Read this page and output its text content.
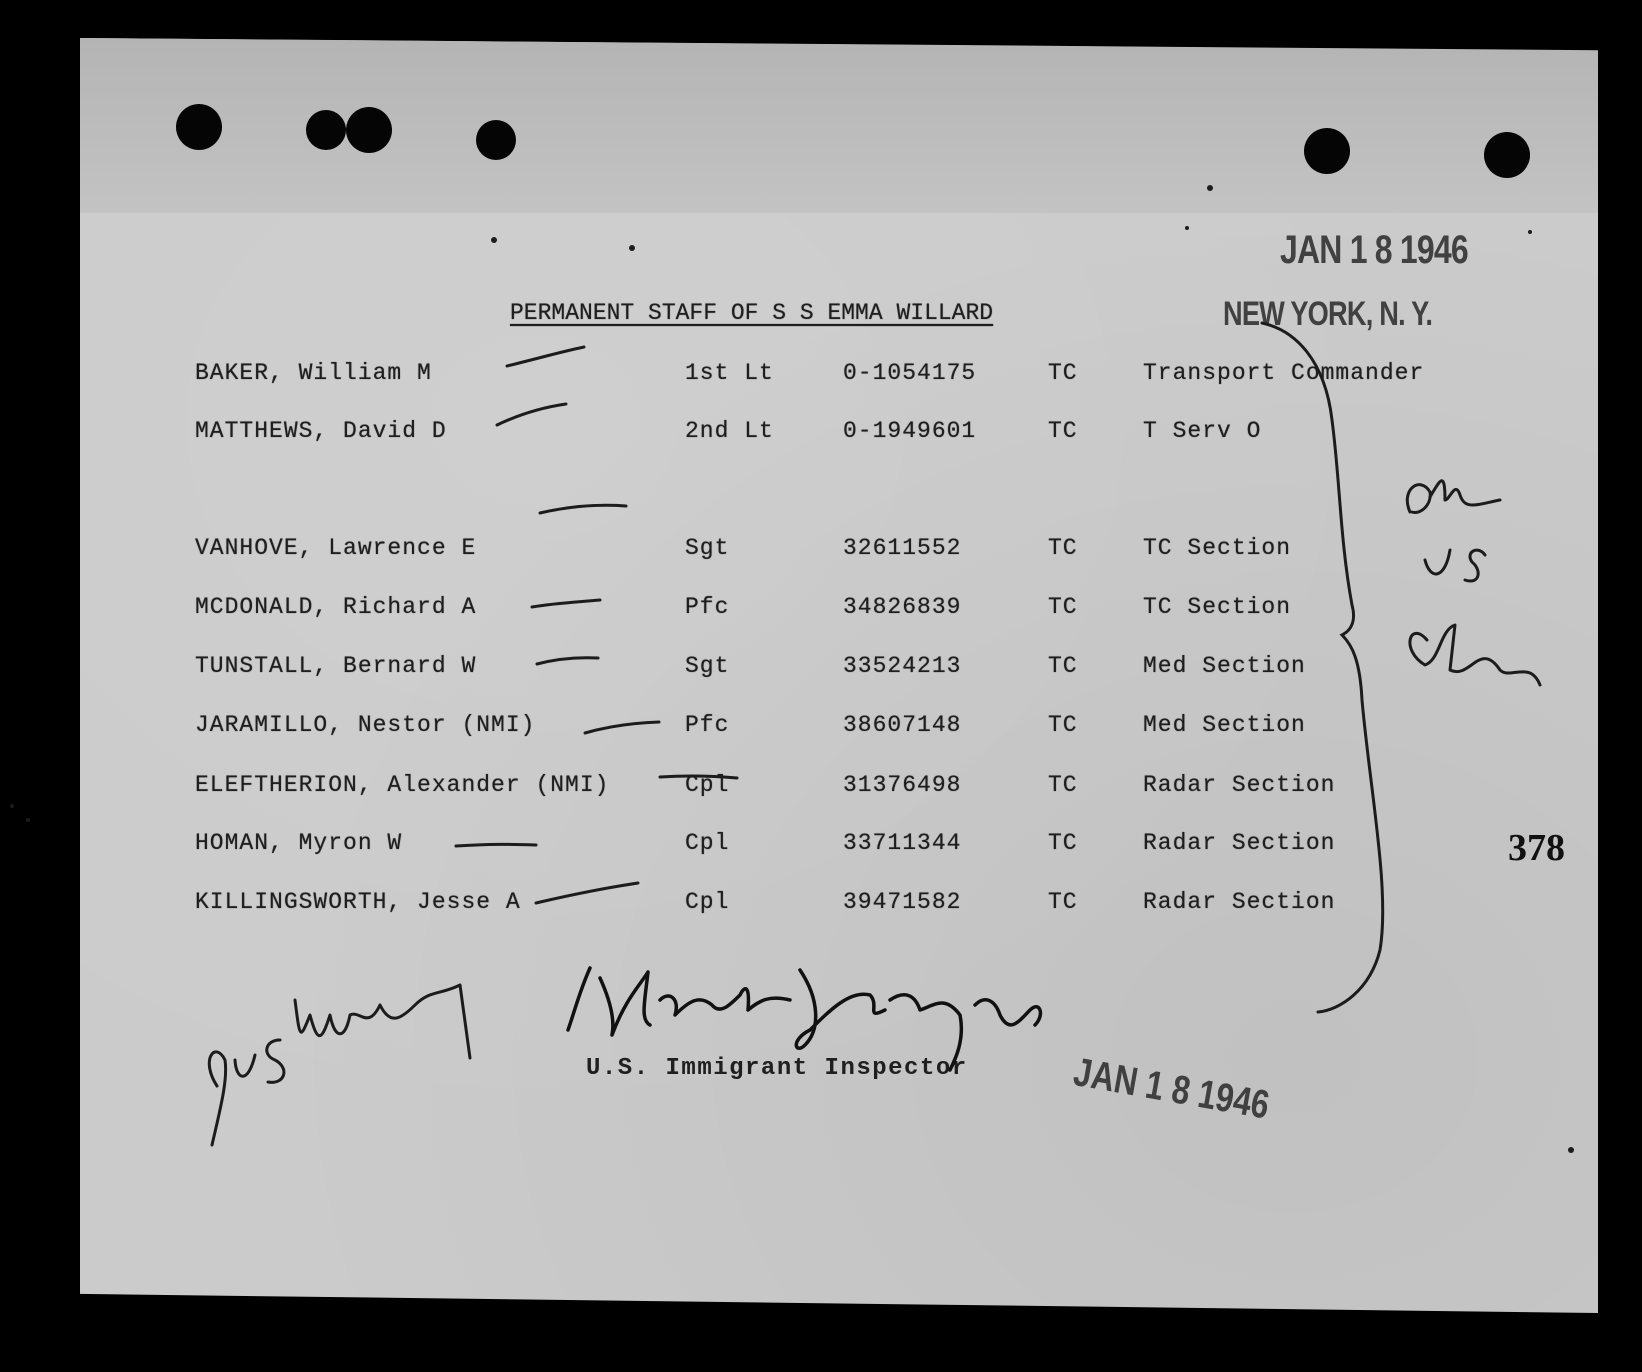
JAN 1 8 1946
NEW YORK, N. Y.
PERMANENT STAFF OF S S EMMA WILLARD
BAKER, William M	1st Lt	0-1054175	TC	Transport Commander
MATTHEWS, David D	2nd Lt	0-1949601	TC	T Serv O
VANHOVE, Lawrence E	Sgt	32611552	TC	TC Section
MCDONALD, Richard A	Pfc	34826839	TC	TC Section
TUNSTALL, Bernard W	Sgt	33524213	TC	Med Section
JARAMILLO, Nestor (NMI)	Pfc	38607148	TC	Med Section
ELEFTHERION, Alexander (NMI)	Cpl	31376498	TC	Radar Section
HOMAN, Myron W	Cpl	33711344	TC	Radar Section
KILLINGSWORTH, Jesse A	Cpl	39471582	TC	Radar Section
378
U.S. Immigrant Inspector	JAN 1 8 1946
